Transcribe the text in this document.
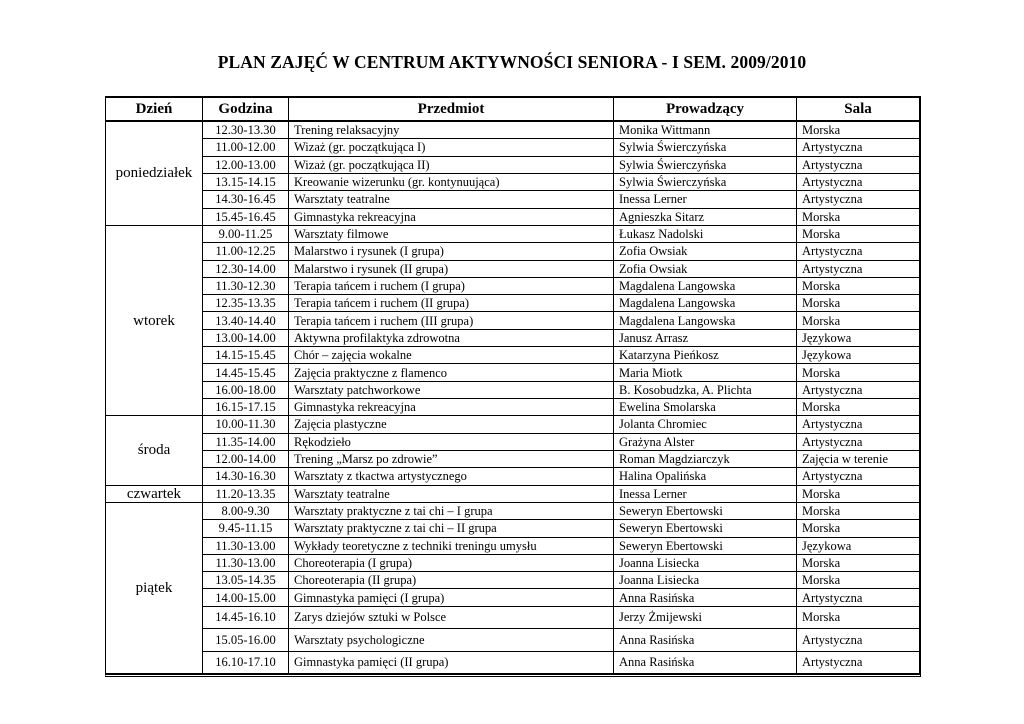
PLAN ZAJĘĆ W CENTRUM AKTYWNOŚCI SENIORA - I SEM. 2009/2010
Dzień	Godzina	Przedmiot	Prowadzący	Sala
poniedziałek	12.30-13.30	Trening relaksacyjny	Monika Wittmann	Morska
	11.00-12.00	Wizaż (gr. początkująca I)	Sylwia Świerczyńska	Artystyczna
	12.00-13.00	Wizaż (gr. początkująca II)	Sylwia Świerczyńska	Artystyczna
	13.15-14.15	Kreowanie wizerunku (gr. kontynuująca)	Sylwia Świerczyńska	Artystyczna
	14.30-16.45	Warsztaty teatralne	Inessa Lerner	Artystyczna
	15.45-16.45	Gimnastyka rekreacyjna	Agnieszka Sitarz	Morska
wtorek	9.00-11.25	Warsztaty filmowe	Łukasz Nadolski	Morska
	11.00-12.25	Malarstwo i rysunek (I grupa)	Zofia Owsiak	Artystyczna
	12.30-14.00	Malarstwo i rysunek (II grupa)	Zofia Owsiak	Artystyczna
	11.30-12.30	Terapia tańcem i ruchem (I grupa)	Magdalena Langowska	Morska
	12.35-13.35	Terapia tańcem i ruchem (II grupa)	Magdalena Langowska	Morska
	13.40-14.40	Terapia tańcem i ruchem (III grupa)	Magdalena Langowska	Morska
	13.00-14.00	Aktywna profilaktyka zdrowotna	Janusz Arrasz	Językowa
	14.15-15.45	Chór – zajęcia wokalne	Katarzyna Pieńkosz	Językowa
	14.45-15.45	Zajęcia praktyczne z flamenco	Maria Miotk	Morska
	16.00-18.00	Warsztaty patchworkowe	B. Kosobudzka, A. Plichta	Artystyczna
	16.15-17.15	Gimnastyka rekreacyjna	Ewelina Smolarska	Morska
środa	10.00-11.30	Zajęcia plastyczne	Jolanta Chromiec	Artystyczna
	11.35-14.00	Rękodzieło	Grażyna Alster	Artystyczna
	12.00-14.00	Trening „Marsz po zdrowie”	Roman Magdziarczyk	Zajęcia w terenie
	14.30-16.30	Warsztaty z tkactwa artystycznego	Halina Opalińska	Artystyczna
czwartek	11.20-13.35	Warsztaty teatralne	Inessa Lerner	Morska
piątek	8.00-9.30	Warsztaty praktyczne z tai chi – I grupa	Seweryn Ebertowski	Morska
	9.45-11.15	Warsztaty praktyczne z tai chi – II grupa	Seweryn Ebertowski	Morska
	11.30-13.00	Wykłady teoretyczne z techniki treningu umysłu	Seweryn Ebertowski	Językowa
	11.30-13.00	Choreoterapia (I grupa)	Joanna Lisiecka	Morska
	13.05-14.35	Choreoterapia (II grupa)	Joanna Lisiecka	Morska
	14.00-15.00	Gimnastyka pamięci (I grupa)	Anna Rasińska	Artystyczna
	14.45-16.10	Zarys dziejów sztuki w Polsce	Jerzy Żmijewski	Morska
	15.05-16.00	Warsztaty psychologiczne	Anna Rasińska	Artystyczna
	16.10-17.10	Gimnastyka pamięci (II grupa)	Anna Rasińska	Artystyczna
